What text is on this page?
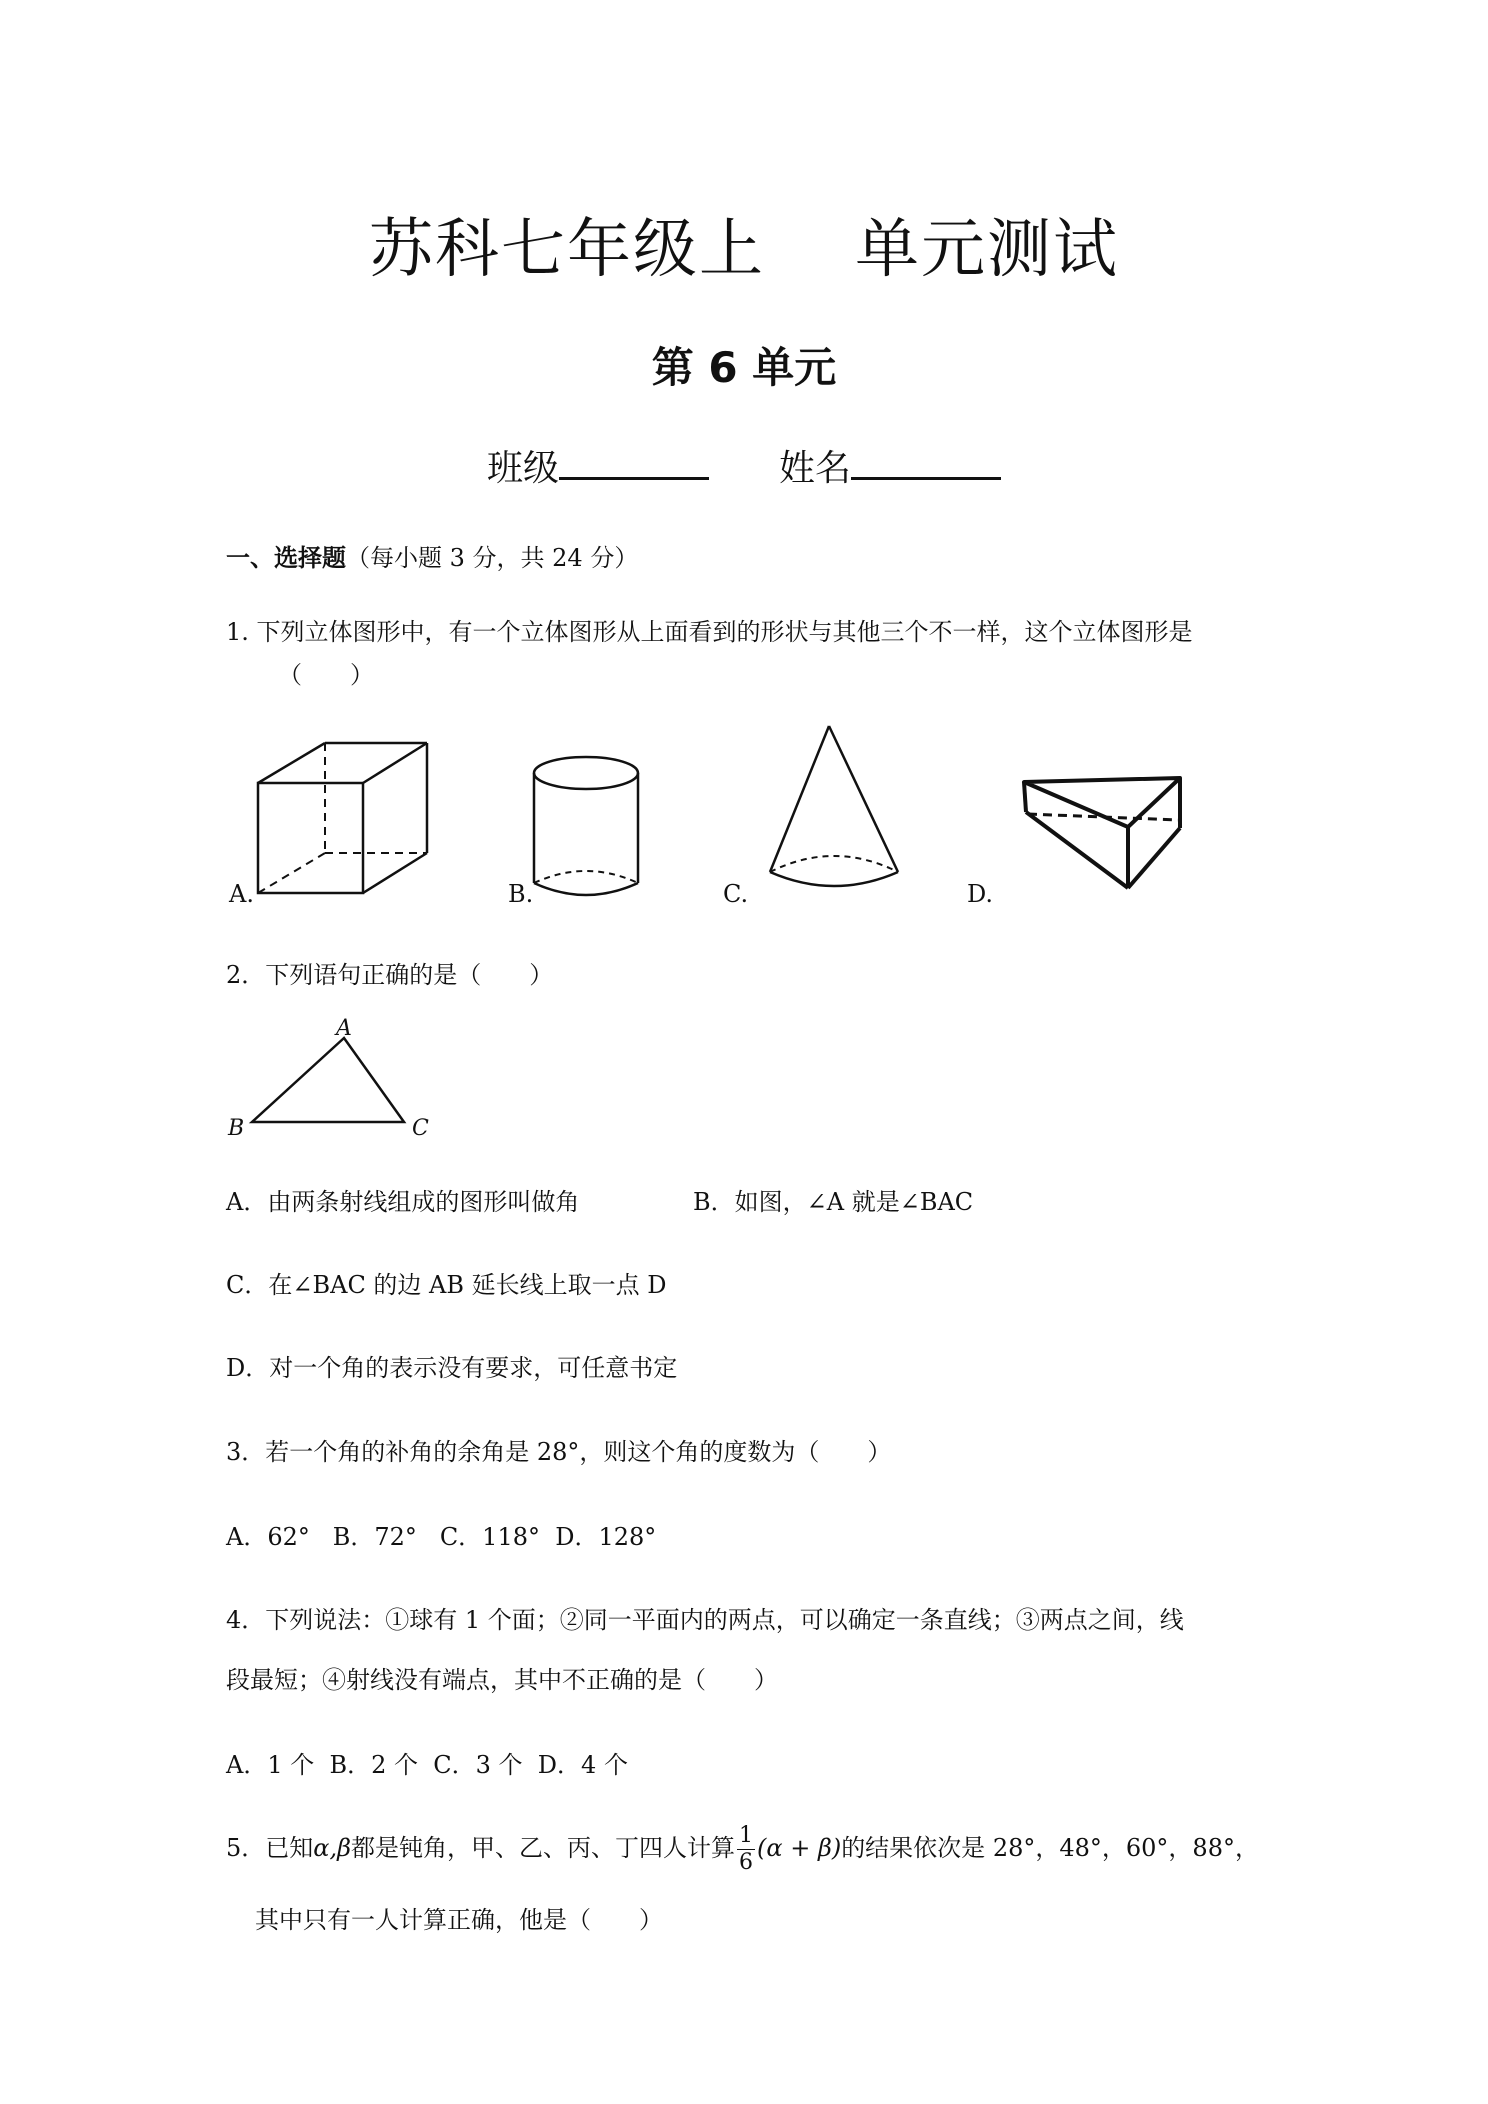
苏科七年级上 单元测试
第 6 单元
班级	姓名
一、选择题（每小题 3 分，共 24 分）
1. 下列立体图形中，有一个立体图形从上面看到的形状与其他三个不一样，这个立体图形是
（　　）
A.	B.	C.	D.
2．下列语句正确的是（　　）
A
B	C
A．由两条射线组成的图形叫做角	B．如图，∠A 就是∠BAC
C．在∠BAC 的边 AB 延长线上取一点 D
D．对一个角的表示没有要求，可任意书定
3．若一个角的补角的余角是 28°，则这个角的度数为（　　）
A．62°   B．72°   C．118°  D．128°
4．下列说法：①球有 1 个面；②同一平面内的两点，可以确定一条直线；③两点之间，线
段最短；④射线没有端点，其中不正确的是（　　）
A．1 个  B．2 个  C．3 个  D．4 个
5．已知α,β都是钝角，甲、乙、丙、丁四人计算 $\frac{1}{6} (\alpha + \beta)$的结果依次是 28°，48°，60°，88°，
其中只有一人计算正确，他是（　　）
